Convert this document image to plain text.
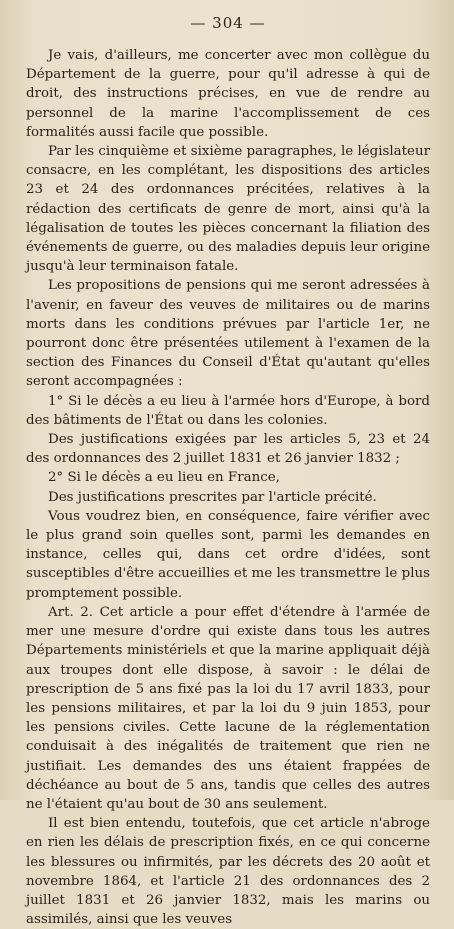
— 304 —

Je vais, d'ailleurs, me concerter avec mon collègue du Département de la guerre, pour qu'il adresse à qui de droit, des instructions précises, en vue de rendre au personnel de la marine l'accomplissement de ces formalités aussi facile que possible.

Par les cinquième et sixième paragraphes, le législateur consacre, en les complétant, les dispositions des articles 23 et 24 des ordonnances précitées, relatives à la rédaction des certificats de genre de mort, ainsi qu'à la légalisation de toutes les pièces concernant la filiation des événements de guerre, ou des maladies depuis leur origine jusqu'à leur terminaison fatale.

Les propositions de pensions qui me seront adressées à l'avenir, en faveur des veuves de militaires ou de marins morts dans les conditions prévues par l'article 1er, ne pourront donc être présentées utilement à l'examen de la section des Finances du Conseil d'État qu'autant qu'elles seront accompagnées :

1° Si le décès a eu lieu à l'armée hors d'Europe, à bord des bâtiments de l'État ou dans les colonies.

Des justifications exigées par les articles 5, 23 et 24 des ordonnances des 2 juillet 1831 et 26 janvier 1832 ;

2° Si le décès a eu lieu en France,

Des justifications prescrites par l'article précité.

Vous voudrez bien, en conséquence, faire vérifier avec le plus grand soin quelles sont, parmi les demandes en instance, celles qui, dans cet ordre d'idées, sont susceptibles d'être accueillies et me les transmettre le plus promptement possible.

Art. 2. Cet article a pour effet d'étendre à l'armée de mer une mesure d'ordre qui existe dans tous les autres Départements ministériels et que la marine appliquait déjà aux troupes dont elle dispose, à savoir : le délai de prescription de 5 ans fixé pas la loi du 17 avril 1833, pour les pensions militaires, et par la loi du 9 juin 1853, pour les pensions civiles. Cette lacune de la réglementation conduisait à des inégalités de traitement que rien ne justifiait. Les demandes des uns étaient frappées de déchéance au bout de 5 ans, tandis que celles des autres ne l'étaient qu'au bout de 30 ans seulement.

Il est bien entendu, toutefois, que cet article n'abroge en rien les délais de prescription fixés, en ce qui concerne les blessures ou infirmités, par les décrets des 20 août et novembre 1864, et l'article 21 des ordonnances des 2 juillet 1831 et 26 janvier 1832, mais les marins ou assimilés, ainsi que les veuves
